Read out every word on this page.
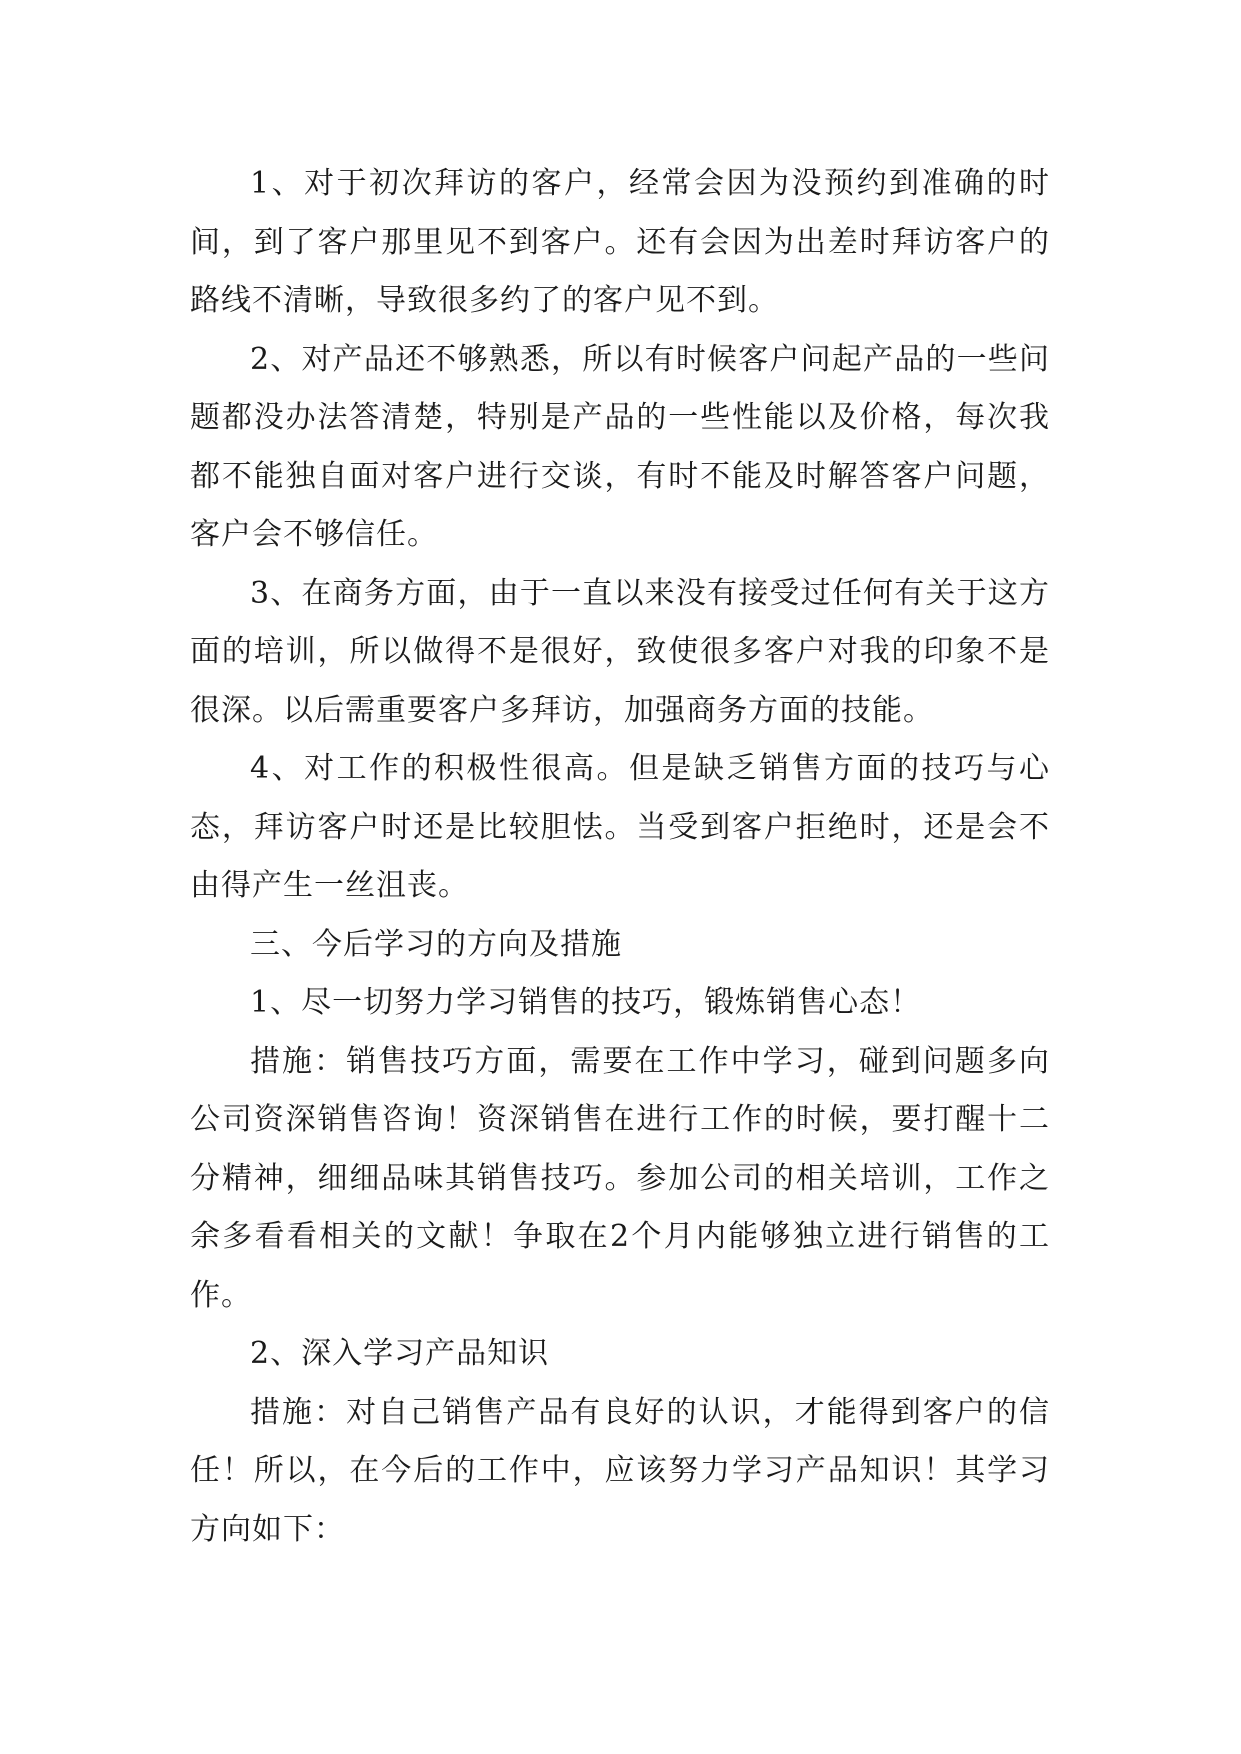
1、对于初次拜访的客户，经常会因为没预约到准确的时间，到了客户那里见不到客户。还有会因为出差时拜访客户的路线不清晰，导致很多约了的客户见不到。

2、对产品还不够熟悉，所以有时候客户问起产品的一些问题都没办法答清楚，特别是产品的一些性能以及价格，每次我都不能独自面对客户进行交谈，有时不能及时解答客户问题，客户会不够信任。

3、在商务方面，由于一直以来没有接受过任何有关于这方面的培训，所以做得不是很好，致使很多客户对我的印象不是很深。以后需重要客户多拜访，加强商务方面的技能。

4、对工作的积极性很高。但是缺乏销售方面的技巧与心态，拜访客户时还是比较胆怯。当受到客户拒绝时，还是会不由得产生一丝沮丧。

三、今后学习的方向及措施

1、尽一切努力学习销售的技巧，锻炼销售心态！

措施：销售技巧方面，需要在工作中学习，碰到问题多向公司资深销售咨询！资深销售在进行工作的时候，要打醒十二分精神，细细品味其销售技巧。参加公司的相关培训，工作之余多看看相关的文献！争取在2个月内能够独立进行销售的工作。

2、深入学习产品知识

措施：对自己销售产品有良好的认识，才能得到客户的信任！所以，在今后的工作中，应该努力学习产品知识！其学习方向如下：
